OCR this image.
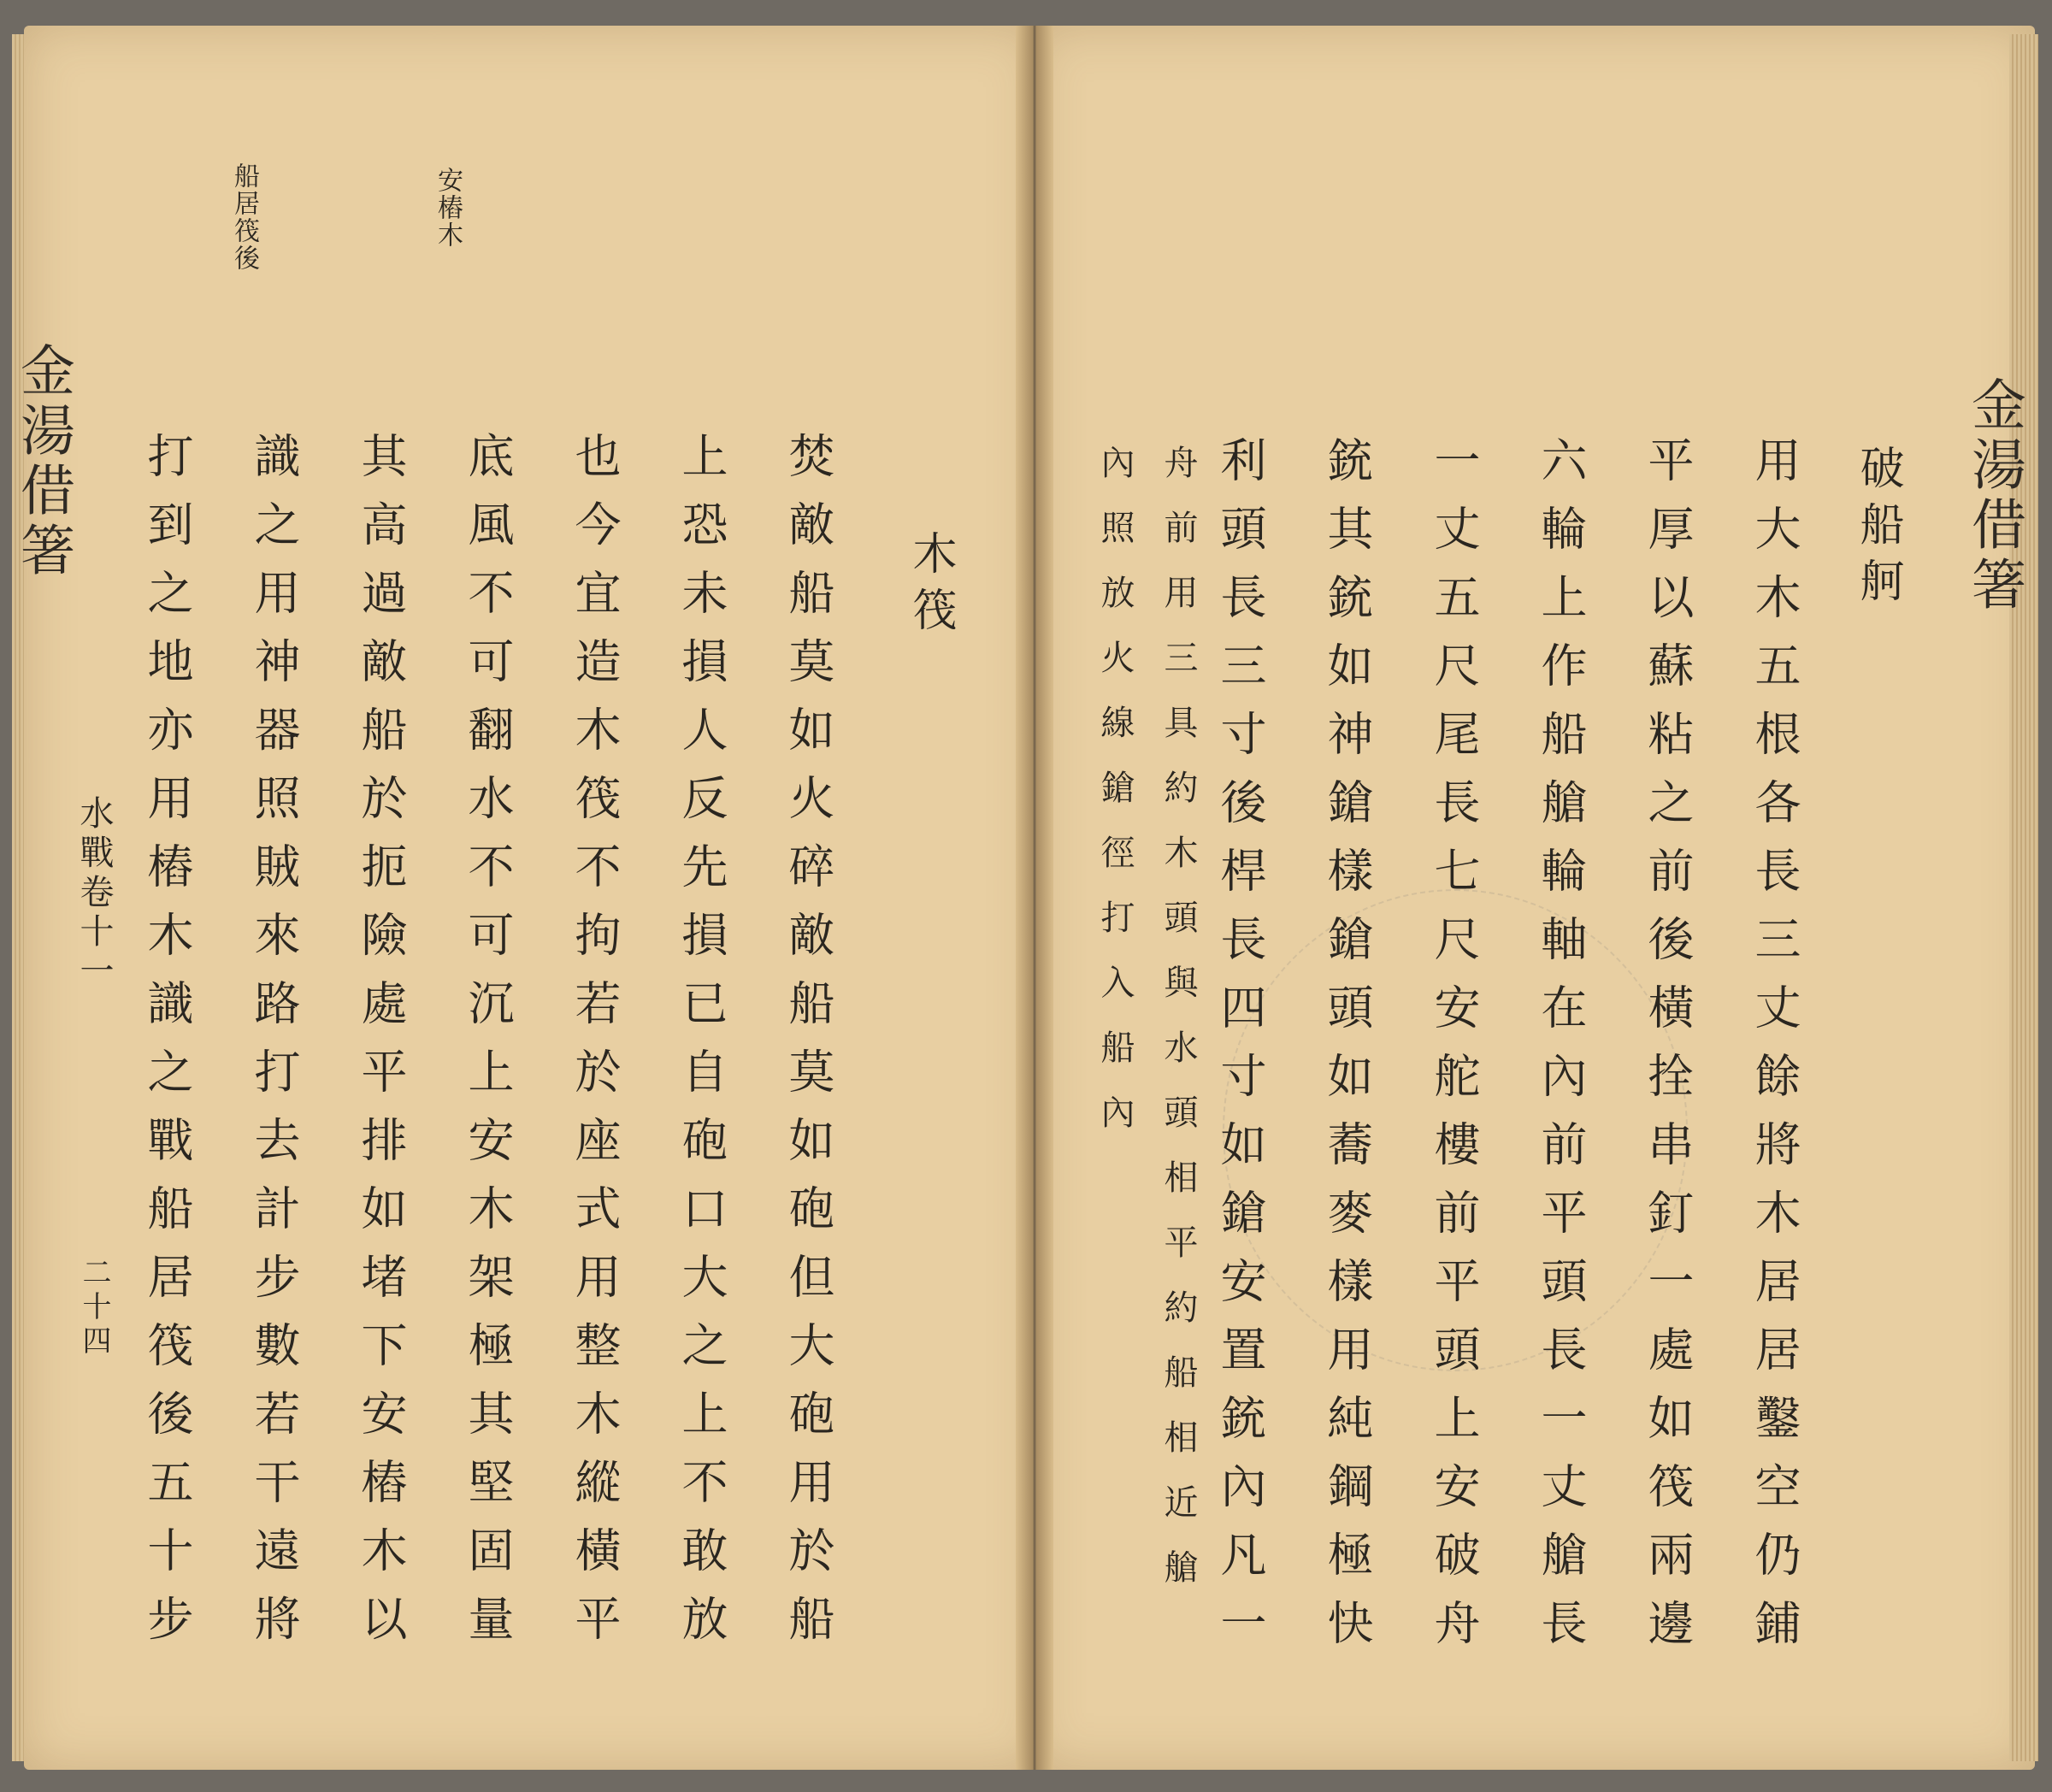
船居筏後	安樁木
木筏
焚敵船莫如火碎敵船莫如砲但大砲用於船
上恐未損人反先損已自砲口大之上不敢放
也今宜造木筏不拘若於座式用整木縱橫平
底風不可翻水不可沉上安木架極其堅固量
其高過敵船於扼險處平排如堵下安樁木以
識之用神器照賊來路打去計步數若干遠將
打到之地亦用樁木識之戰船居筏後五十步
金湯借箸
水戰卷十一
二十四
金湯借箸
破船舸
用大木五根各長三丈餘將木居居鑿空仍鋪
平厚以蘇粘之前後橫拴串釘一處如筏兩邊
六輪上作船艙輪軸在內前平頭長一丈艙長
一丈五尺尾長七尺安舵樓前平頭上安破舟
銃其銃如神鎗樣鎗頭如蕎麥樣用純鋼極快
利頭長三寸後桿長四寸如鎗安置銃內凡一
舟前用三具約木頭與水頭相平約船相近艙
內照放火線鎗徑打入船內
